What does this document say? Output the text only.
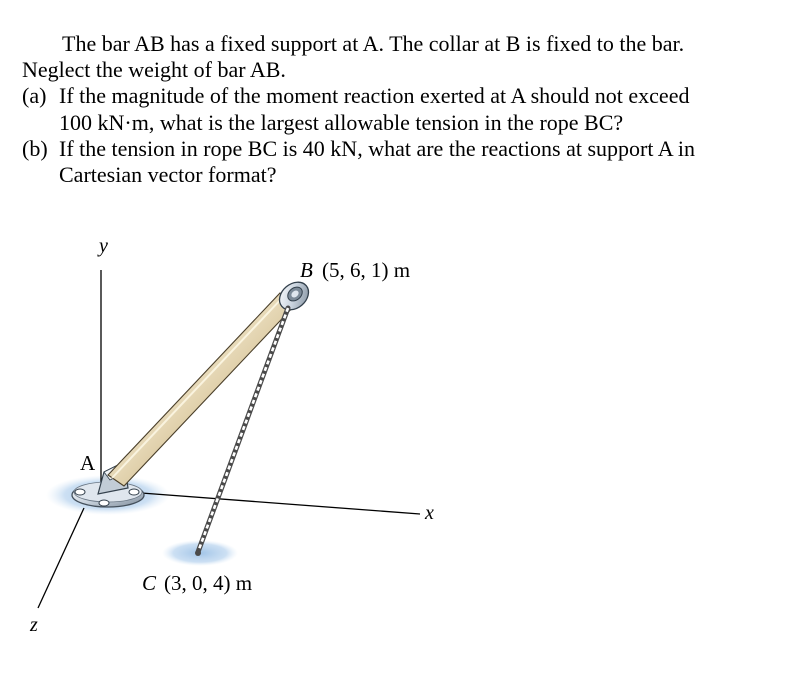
The bar AB has a fixed support at A. The collar at B is fixed to the bar.
Neglect the weight of bar AB.
(a) If the magnitude of the moment reaction exerted at A should not exceed
100 kN·m, what is the largest allowable tension in the rope BC?
(b) If the tension in rope BC is 40 kN, what are the reactions at support A in
Cartesian vector format?
y
x
z
A
B (5, 6, 1) m
C (3, 0, 4) m
